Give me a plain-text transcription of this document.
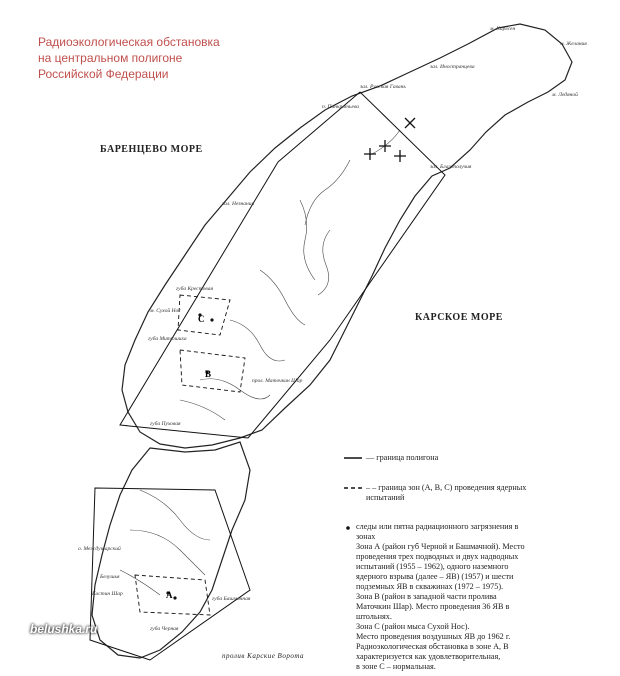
Радиоэкологическая обстановка
на центральном полигоне
Российской Федерации
C
B
A
БАРЕНЦЕВО МОРЕ
КАРСКОЕ МОРЕ
пролив Карские Ворота
м. Карлсен
м. Желания
зал. Иностранцева
м. Ледяной
зал. Русская Гавань
п. Панкратьева
зал. Благополучия
зал. Незнания
губа Крестовая
м. Сухой Нос
губа Митюшиха
прол. Маточкин Шар
губа Пуховая
о. Междушарский
Белушья
Костин Шар
губа Черная
губа Башмачная
— граница полигона
– – граница зон (А, В, С) проведения ядерных
испытаний
следы или пятна радиационного загрязнения в
зонах
Зона А (район губ Черной и Башмачной). Место
проведения трех подводных и двух надводных
испытаний (1955 – 1962), одного наземного
ядерного взрыва (далее – ЯВ) (1957) и шести
подземных ЯВ в скважинах (1972 – 1975).
Зона В (район в западной части пролива
Маточкин Шар). Место проведения 36 ЯВ в
штольнях.
Зона С (район мыса Сухой Нос).
Место проведения воздушных ЯВ до 1962 г.
Радиоэкологическая обстановка в зоне А, В
характеризуется как удовлетворительная,
в зоне С – нормальная.
belushka.ru
